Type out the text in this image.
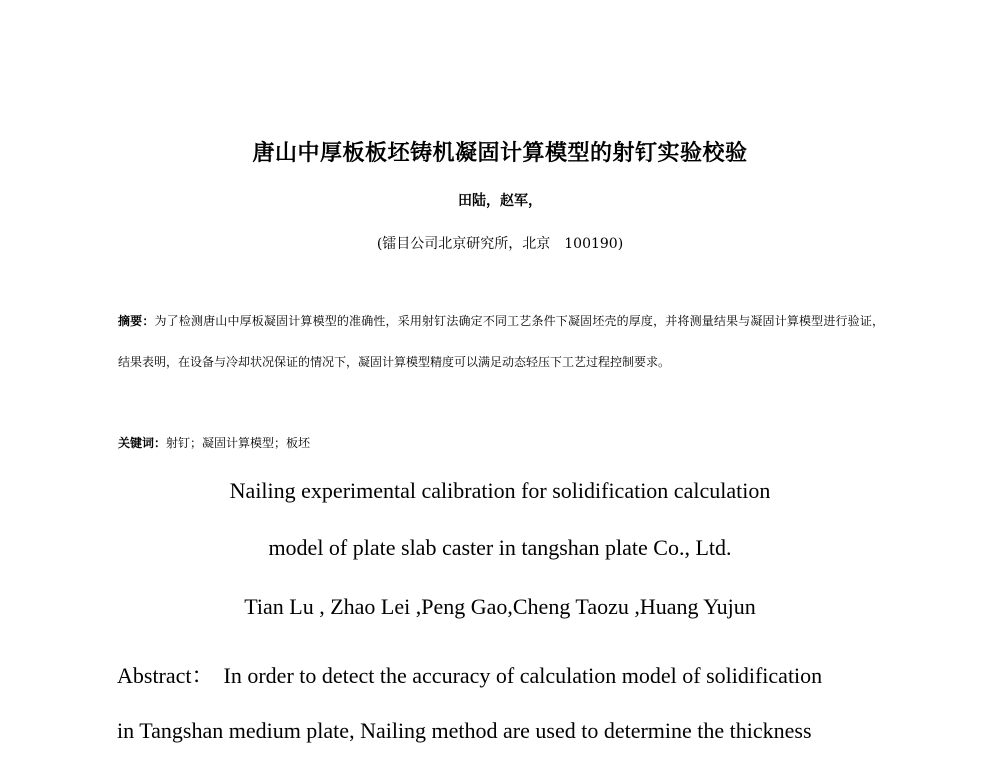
唐山中厚板板坯铸机凝固计算模型的射钉实验校验
田陆，赵军，
(镭目公司北京研究所，北京　100190)
摘要：为了检测唐山中厚板凝固计算模型的准确性，采用射钉法确定不同工艺条件下凝固坯壳的厚度，并将测量结果与凝固计算模型进行验证，结果表明，在设备与冷却状况保证的情况下，凝固计算模型精度可以满足动态轻压下工艺过程控制要求。
关键词：射钉；凝固计算模型；板坯
Nailing experimental calibration for solidification calculation
model of plate slab caster in tangshan plate Co., Ltd.
Tian Lu , Zhao Lei ,Peng Gao,Cheng Taozu ,Huang Yujun
Abstract： In order to detect the accuracy of calculation model of solidification
in Tangshan medium plate, Nailing method are used to determine the thickness
